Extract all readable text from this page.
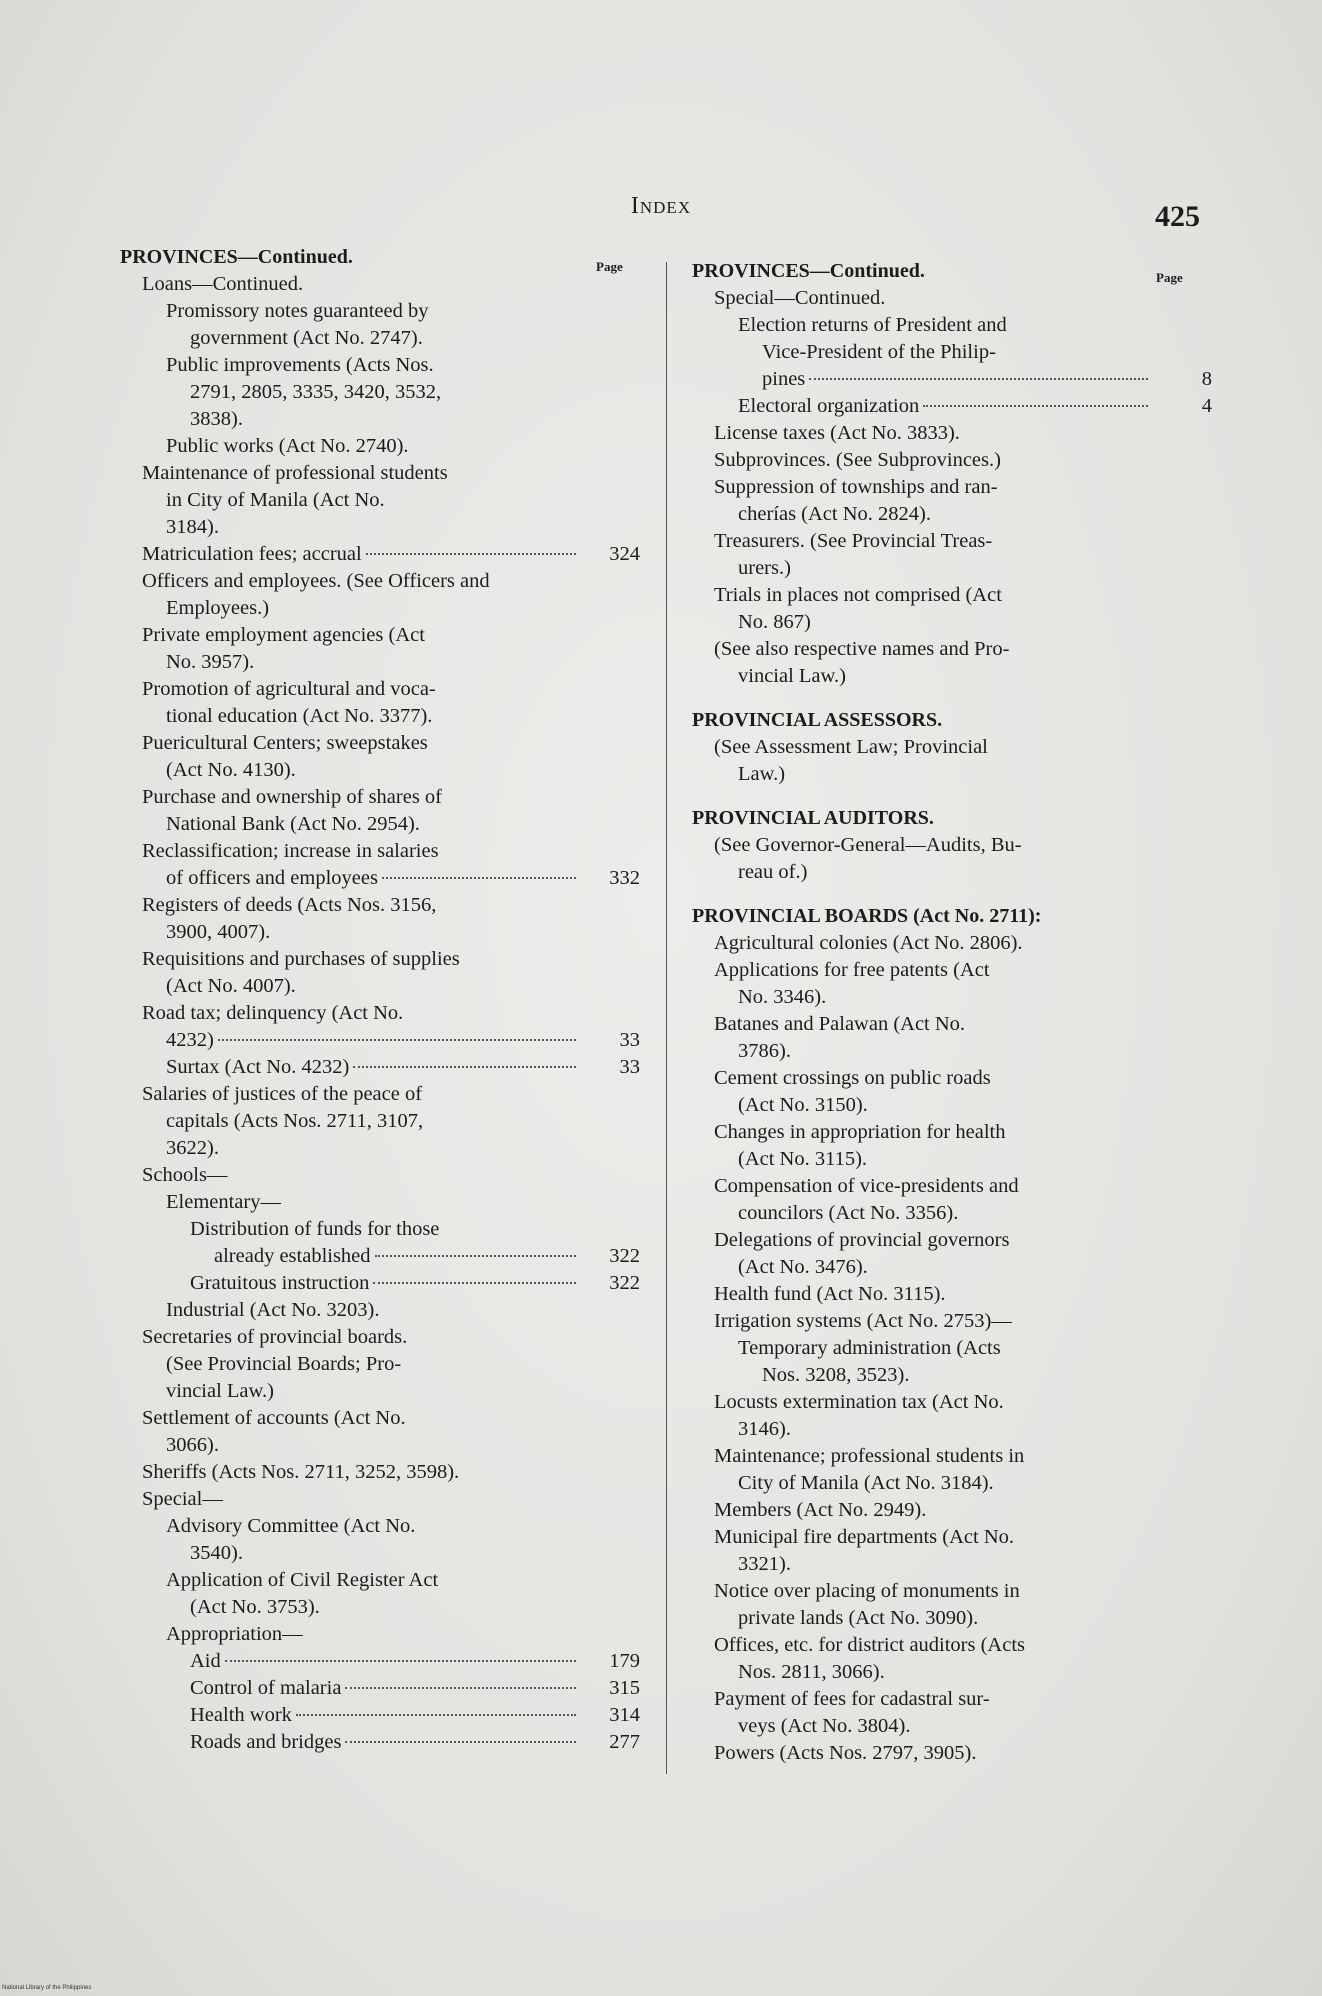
Index	425
Page
Page
PROVINCES—Continued.
Loans—Continued.
Promissory notes guaranteed by
government (Act No. 2747).
Public improvements (Acts Nos.
2791, 2805, 3335, 3420, 3532,
3838).
Public works (Act No. 2740).
Maintenance of professional students
in City of Manila (Act No.
3184).
Matriculation fees; accrual	324
Officers and employees. (See Officers and
Employees.)
Private employment agencies (Act
No. 3957).
Promotion of agricultural and voca-
tional education (Act No. 3377).
Puericultural Centers; sweepstakes
(Act No. 4130).
Purchase and ownership of shares of
National Bank (Act No. 2954).
Reclassification; increase in salaries
of officers and employees	332
Registers of deeds (Acts Nos. 3156,
3900, 4007).
Requisitions and purchases of supplies
(Act No. 4007).
Road tax; delinquency (Act No.
4232)	33
Surtax (Act No. 4232)	33
Salaries of justices of the peace of
capitals (Acts Nos. 2711, 3107,
3622).
Schools—
Elementary—
Distribution of funds for those
already established	322
Gratuitous instruction	322
Industrial (Act No. 3203).
Secretaries of provincial boards.
(See Provincial Boards; Pro-
vincial Law.)
Settlement of accounts (Act No.
3066).
Sheriffs (Acts Nos. 2711, 3252, 3598).
Special—
Advisory Committee (Act No.
3540).
Application of Civil Register Act
(Act No. 3753).
Appropriation—
Aid	179
Control of malaria	315
Health work	314
Roads and bridges	277
PROVINCES—Continued.
Special—Continued.
Election returns of President and
Vice-President of the Philip-
pines	8
Electoral organization	4
License taxes (Act No. 3833).
Subprovinces. (See Subprovinces.)
Suppression of townships and ran-
cherías (Act No. 2824).
Treasurers. (See Provincial Treas-
urers.)
Trials in places not comprised (Act
No. 867)
(See also respective names and Pro-
vincial Law.)
PROVINCIAL ASSESSORS.
(See Assessment Law; Provincial
Law.)
PROVINCIAL AUDITORS.
(See Governor-General—Audits, Bu-
reau of.)
PROVINCIAL BOARDS (Act No. 2711):
Agricultural colonies (Act No. 2806).
Applications for free patents (Act
No. 3346).
Batanes and Palawan (Act No.
3786).
Cement crossings on public roads
(Act No. 3150).
Changes in appropriation for health
(Act No. 3115).
Compensation of vice-presidents and
councilors (Act No. 3356).
Delegations of provincial governors
(Act No. 3476).
Health fund (Act No. 3115).
Irrigation systems (Act No. 2753)—
Temporary administration (Acts
Nos. 3208, 3523).
Locusts extermination tax (Act No.
3146).
Maintenance; professional students in
City of Manila (Act No. 3184).
Members (Act No. 2949).
Municipal fire departments (Act No.
3321).
Notice over placing of monuments in
private lands (Act No. 3090).
Offices, etc. for district auditors (Acts
Nos. 2811, 3066).
Payment of fees for cadastral sur-
veys (Act No. 3804).
Powers (Acts Nos. 2797, 3905).
National Library of the Philippines
